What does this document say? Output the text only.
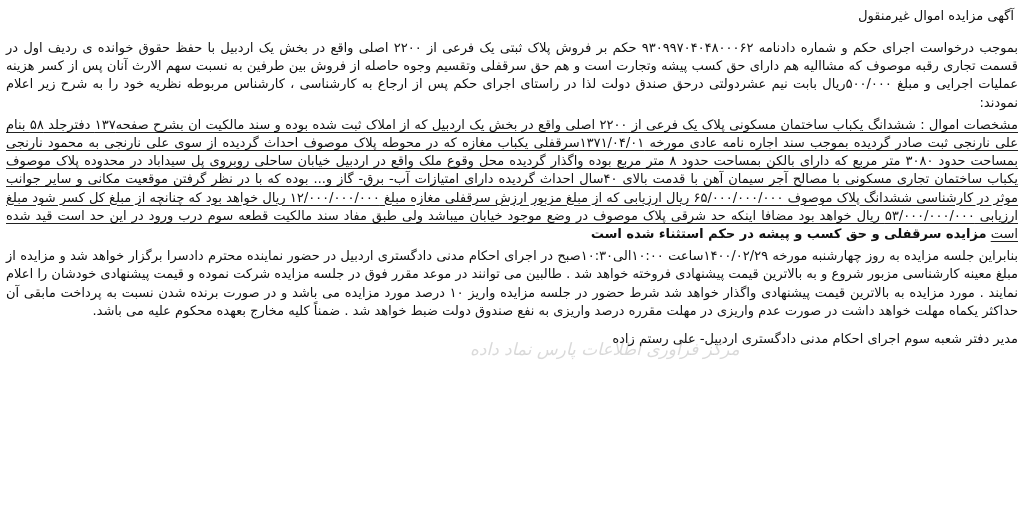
آگهی مزایده اموال غیرمنقول

بموجب درخواست اجرای حکم و شماره دادنامه ۹۳۰۹۹۷۰۴۰۴۸۰۰۰۶۲ حکم بر فروش پلاک ثبتی یک فرعی از ۲۲۰۰ اصلی واقع در بخش یک اردبیل با حفظ حقوق خوانده ی ردیف اول در قسمت تجاری رقبه موصوف که مشاالیه هم دارای حق کسب پیشه وتجارت است و هم حق سرقفلی وتقسیم وجوه حاصله از فروش بین طرفین به نسبت سهم الارث آنان پس از کسر هزینه عملیات اجرایی و مبلغ ۵۰۰/۰۰۰ریال بابت نیم عشردولتی درحق صندق دولت لذا در راستای اجرای حکم پس از ارجاع به کارشناسی ، کارشناس مربوطه نظریه خود را به شرح زیر اعلام نمودند:

مشخصات اموال : ششدانگ یکباب ساختمان مسکونی پلاک یک فرعی از ۲۲۰۰ اصلی واقع در بخش یک اردبیل که از املاک ثبت شده بوده و سند مالکیت ان بشرح صفحه۱۳۷ دفترجلد ۵۸ بنام علی نارنجی ثبت صادر گردیده بموجب سند اجاره نامه عادی مورخه ۱۳۷۱/۰۴/۰۱سرقفلی یکباب مغازه که در محوطه پلاک موصوف احداث گردیده از سوی علی نارنجی به محمود نارنجی بمساحت حدود ۳۰۸۰ متر مربع که دارای بالکن بمساحت حدود ۸ متر مربع بوده واگذار گردیده محل وقوع ملک واقع در اردبیل خیابان ساحلی روبروی پل سیداباد در محدوده پلاک موصوف یکباب ساختمان تجاری مسکونی با مصالح آجر سیمان آهن با قدمت بالای ۴۰سال احداث گردیده دارای امتیازات آب- برق- گاز و... بوده که با در نظر گرفتن موقعیت مکانی و سایر جوانب موثر در کارشناسی ششدانگ پلاک موصوف ۶۵/۰۰۰/۰۰۰/۰۰۰ ریال ارزیابی که از مبلغ مزبور ارزش سرقفلی مغازه مبلغ ۱۲/۰۰۰/۰۰۰/۰۰۰ ریال خواهد بود که چنانچه از مبلغ کل کسر شود مبلغ ارزیابی ۵۳/۰۰۰/۰۰۰/۰۰۰ ریال خواهد بود مضافا اینکه حد شرقی پلاک موصوف در وضع موجود خیابان میباشد ولی طبق مفاد سند مالکیت قطعه سوم درب ورود در این حد است قید شده است مزایده سرقفلی و حق کسب و پیشه در حکم استثناء شده است

بنابراین جلسه مزایده به روز چهارشنبه مورخه ۱۴۰۰/۰۲/۲۹ساعت ۱۰:۰۰الی۱۰:۳۰صبح در اجرای احکام مدنی دادگستری اردبیل در حضور نماینده محترم دادسرا برگزار خواهد شد و مزایده از مبلغ معینه کارشناسی مزبور شروع و به بالاترین قیمت پیشنهادی فروخته خواهد شد . طالبین می توانند در موعد مقرر فوق در جلسه مزایده شرکت نموده و قیمت پیشنهادی خودشان را اعلام نمایند . مورد مزایده به بالاترین قیمت پیشنهادی واگذار خواهد شد شرط حضور در جلسه مزایده واریز ۱۰ درصد مورد مزایده می باشد و در صورت برنده شدن نسبت به پرداخت مابقی آن حداکثر یکماه مهلت خواهد داشت در صورت عدم واریزی در مهلت مقرره درصد واریزی به نفع صندوق دولت ضبط خواهد شد . ضمناً کلیه مخارج بعهده محکوم علیه می باشد.

مدیر دفتر شعبه سوم اجرای احکام مدنی دادگستری اردبیل- علی رستم زاده

مرکز فرآوری اطلاعات پارس نماد داده
